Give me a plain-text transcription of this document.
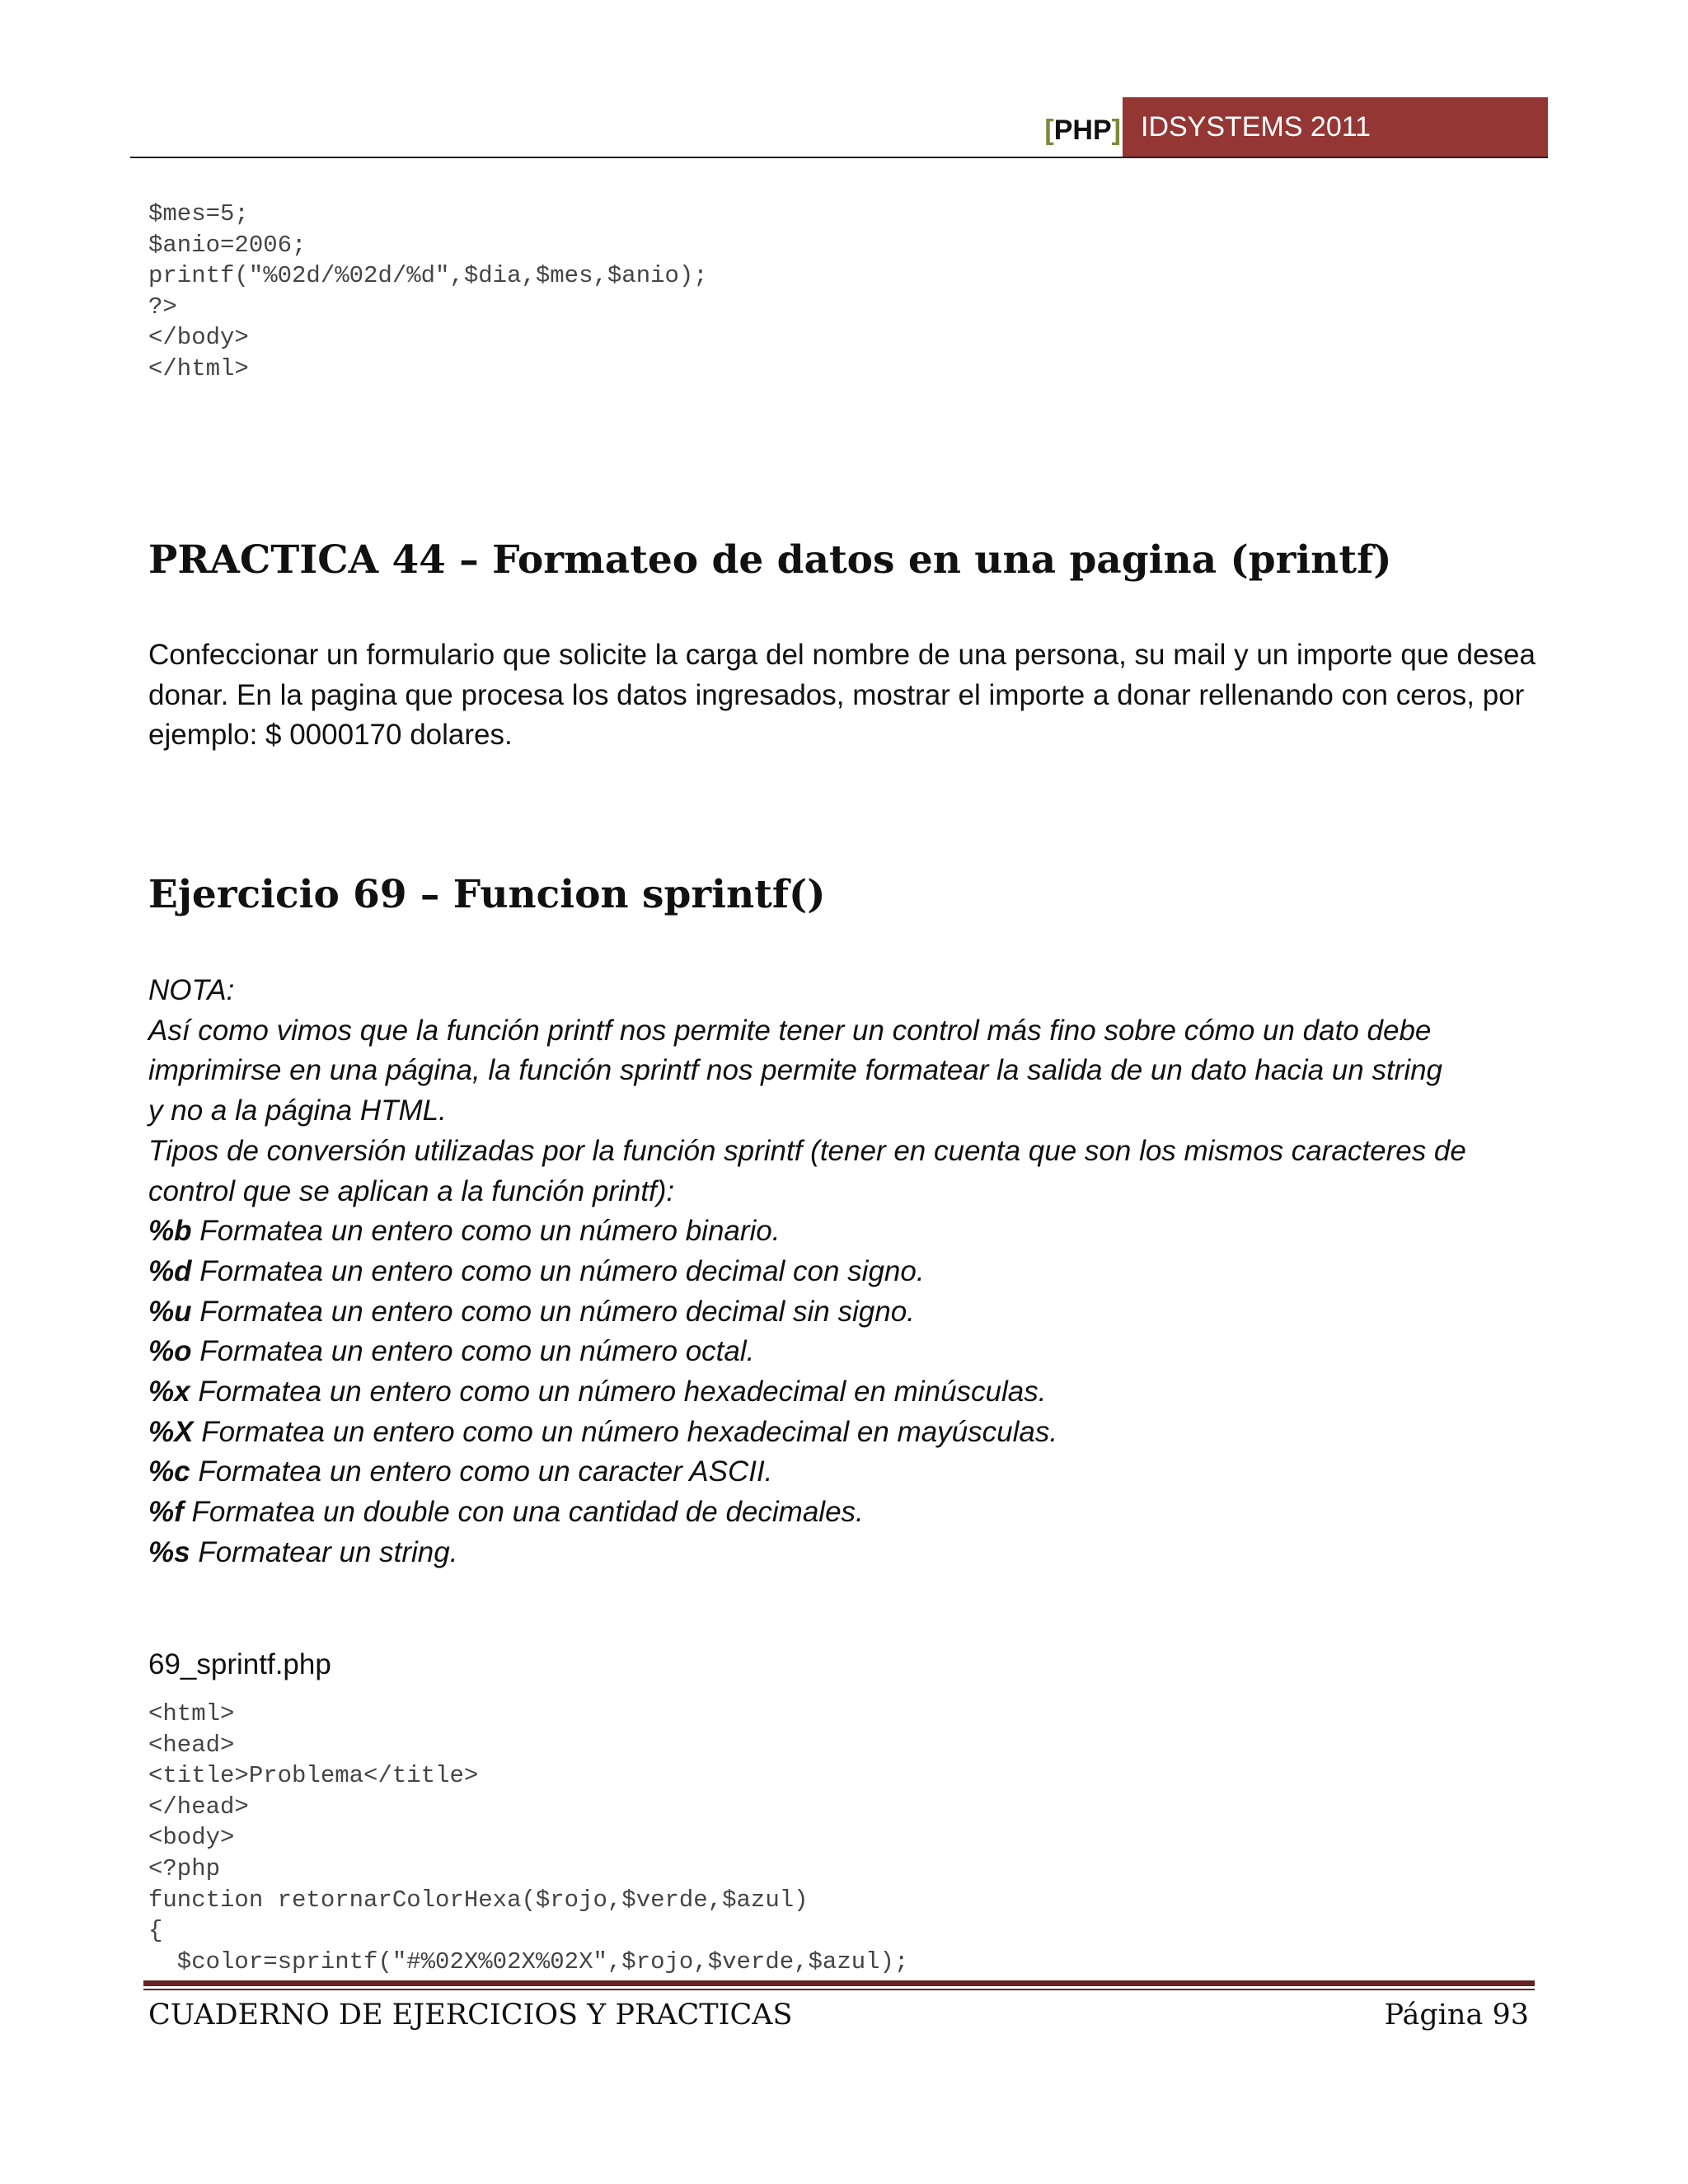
[ PHP ] IDSYSTEMS 2011
$mes=5;
$anio=2006;
printf("%02d/%02d/%d",$dia,$mes,$anio);
?>
</body>
</html>
PRACTICA 44 – Formateo de datos en una pagina (printf)

Confeccionar un formulario que solicite la carga del nombre de una persona, su mail y un importe que desea donar. En la pagina que procesa los datos ingresados, mostrar el importe a donar rellenando con ceros, por ejemplo: $ 0000170 dolares.

Ejercicio 69 – Funcion sprintf()
NOTA:
Así como vimos que la función printf nos permite tener un control más fino sobre cómo un dato debe
imprimirse en una página, la función sprintf nos permite formatear la salida de un dato hacia un string
y no a la página HTML.
Tipos de conversión utilizadas por la función sprintf (tener en cuenta que son los mismos caracteres de
control que se aplican a la función printf):
%b Formatea un entero como un número binario.
%d Formatea un entero como un número decimal con signo.
%u Formatea un entero como un número decimal sin signo.
%o Formatea un entero como un número octal.
%x Formatea un entero como un número hexadecimal en minúsculas.
%X Formatea un entero como un número hexadecimal en mayúsculas.
%c Formatea un entero como un caracter ASCII.
%f Formatea un double con una cantidad de decimales.
%s Formatear un string.

69_sprintf.php

<html>
<head>
<title>Problema</title>
</head>
<body>
<?php
function retornarColorHexa($rojo,$verde,$azul)
{
$color=sprintf("#%02X%02X%02X",$rojo,$verde,$azul);
CUADERNO DE EJERCICIOS Y PRACTICAS	Página 93
